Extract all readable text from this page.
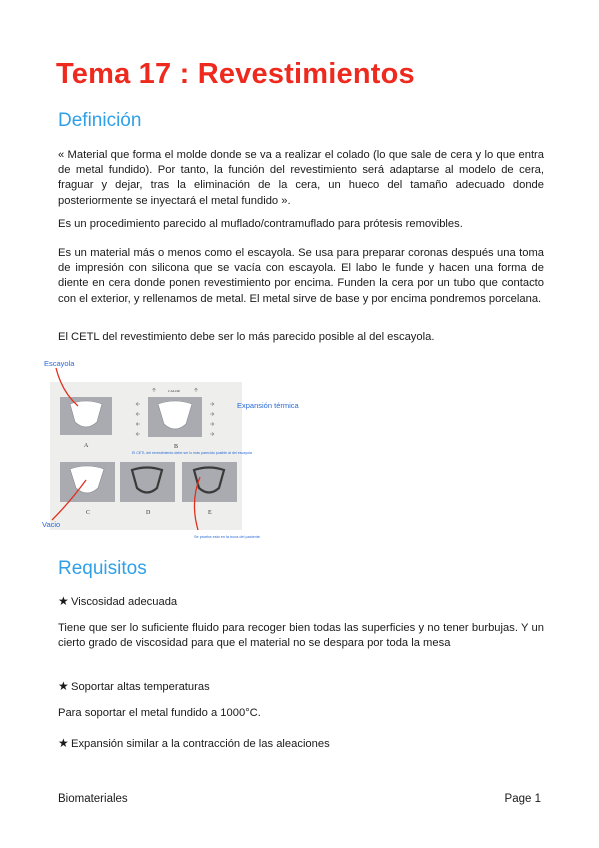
Tema 17 : Revestimientos
Definición

« Material que forma el molde donde se va a realizar el colado (lo que sale de cera y lo que entra de metal fundido). Por tanto, la función del revestimiento será adaptarse al modelo de cera, fraguar y dejar, tras la eliminación de la cera, un hueco del tamaño adecuado donde posteriormente se inyectará el metal fundido ».

Es un procedimiento parecido al muflado/contramuflado para prótesis removibles.

Es un material más o menos como el escayola. Se usa para preparar coronas después una toma de impresión con silicona que se vacía con escayola. El labo le funde y hacen una forma de diente en cera donde ponen revestimiento por encima. Funden la cera por un tubo que contacto con el exterior, y rellenamos de metal. El metal sirve de base y por encima pondremos porcelana.

El CETL del revestimiento debe ser lo más parecido posible al del escayola.

A
CALOR
B
C	D	E
Escayola
Expansión térmica
El CETL del revestimiento debe ser lo más parecido posible al del escayola
Vacio
Se prueba esto en la boca del paciente
Requisitos

★ Viscosidad adecuada

Tiene que ser lo suficiente fluido para recoger bien todas las superficies y no tener burbujas. Y un cierto grado de viscosidad para que el material no se despara por toda la mesa

★ Soportar altas temperaturas

Para soportar el metal fundido a 1000°C.

★ Expansión similar a la contracción de las aleaciones

Biomateriales	Page 1
